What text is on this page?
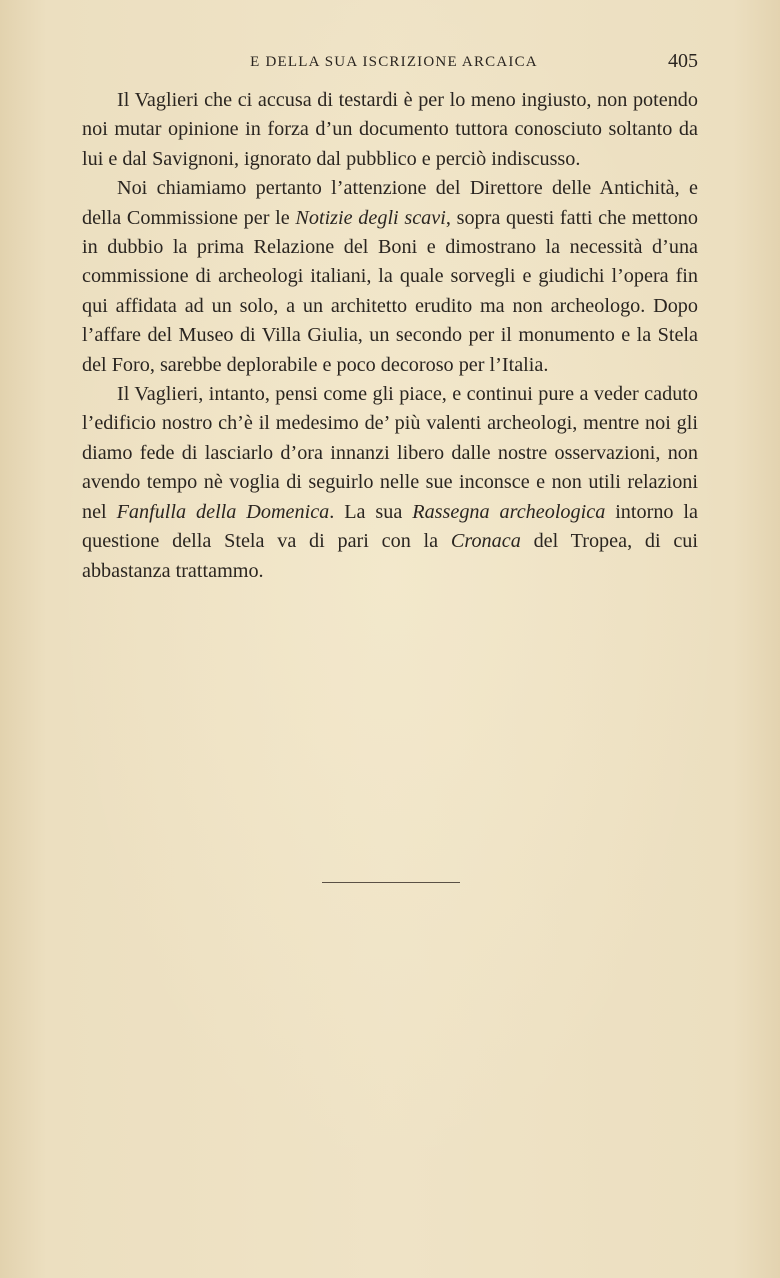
E DELLA SUA ISCRIZIONE ARCAICA	405

Il Vaglieri che ci accusa di testardi è per lo meno ingiusto, non potendo noi mutar opinione in forza d’un documento tuttora conosciuto soltanto da lui e dal Savignoni, ignorato dal pubblico e perciò indiscusso.

Noi chiamiamo pertanto l’attenzione del Direttore delle Antichità, e della Commissione per le Notizie degli scavi, sopra questi fatti che mettono in dubbio la prima Relazione del Boni e dimostrano la necessità d’una commissione di archeologi italiani, la quale sorvegli e giudichi l’opera fin qui affidata ad un solo, a un architetto erudito ma non archeologo. Dopo l’affare del Museo di Villa Giulia, un secondo per il monumento e la Stela del Foro, sarebbe deplorabile e poco decoroso per l’Italia.

Il Vaglieri, intanto, pensi come gli piace, e continui pure a veder caduto l’edificio nostro ch’è il medesimo de’ più valenti archeologi, mentre noi gli diamo fede di lasciarlo d’ora innanzi libero dalle nostre osservazioni, non avendo tempo nè voglia di seguirlo nelle sue inconsce e non utili relazioni nel Fanfulla della Domenica. La sua Rassegna archeologica intorno la questione della Stela va di pari con la Cronaca del Tropea, di cui abbastanza trattammo.
